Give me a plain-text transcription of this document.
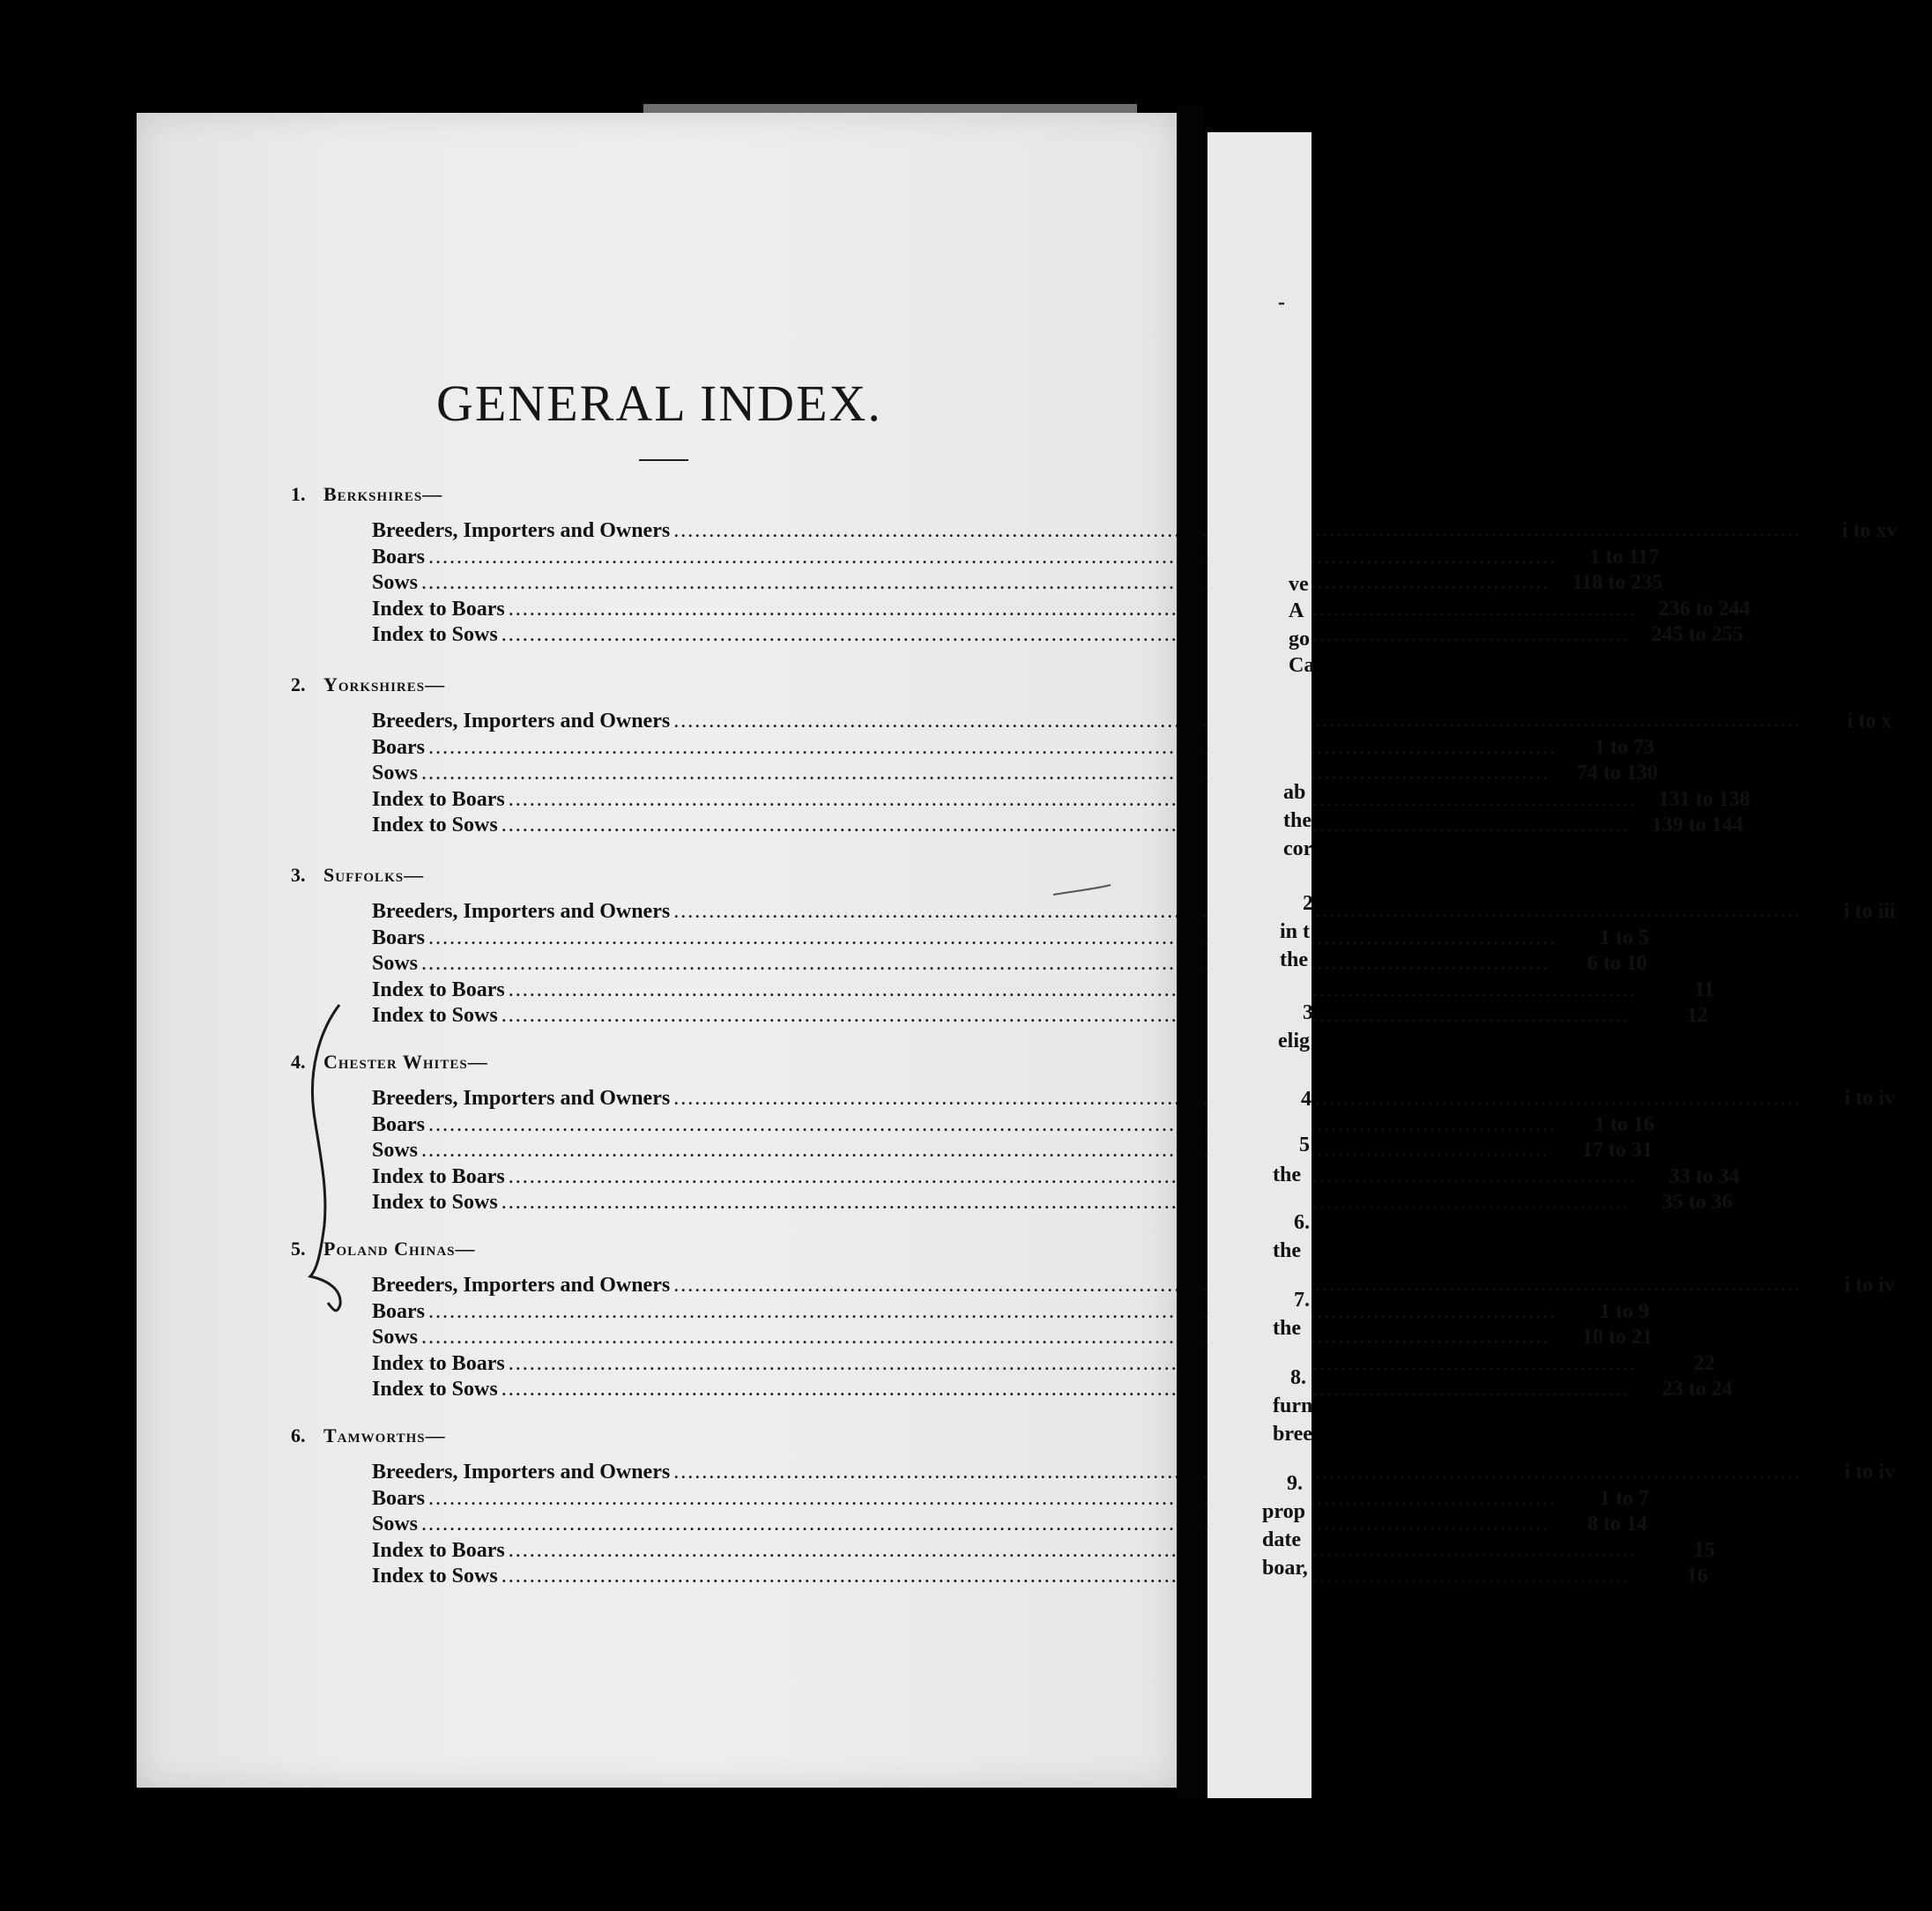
GENERAL INDEX.
1. Berkshires—
Breeders, Importers and Owners .....	i to xv
Boars .....	1 to 117
Sows .....	118 to 235
Index to Boars .....	236 to 244
Index to Sows .....	245 to 255
2. Yorkshires—
Breeders, Importers and Owners .....	i to x
Boars .....	1 to 73
Sows .....	74 to 130
Index to Boars .....	131 to 138
Index to Sows .....	139 to 144
3. Suffolks—
Breeders, Importers and Owners .....	i to iii
Boars .....	1 to 5
Sows .....	6 to 10
Index to Boars .....	11
Index to Sows .....	12
4. Chester Whites—
Breeders, Importers and Owners .....	i to iv
Boars .....	1 to 16
Sows .....	17 to 31
Index to Boars .....	33 to 34
Index to Sows .....	35 to 36
5. Poland Chinas—
Breeders, Importers and Owners .....	i to iv
Boars .....	1 to 9
Sows .....	10 to 21
Index to Boars .....	22
Index to Sows .....	23 to 24
6. Tamworths—
Breeders, Importers and Owners .....	i to iv
Boars .....	1 to 7
Sows .....	8 to 14
Index to Boars .....	15
Index to Sows .....	16
-
ve
A
go
Ca
ab
the
cor
2
in t
the
3
elig
4
5
the
6.
the
7.
the
8.
furn
bree
9.
prop
date
boar,
